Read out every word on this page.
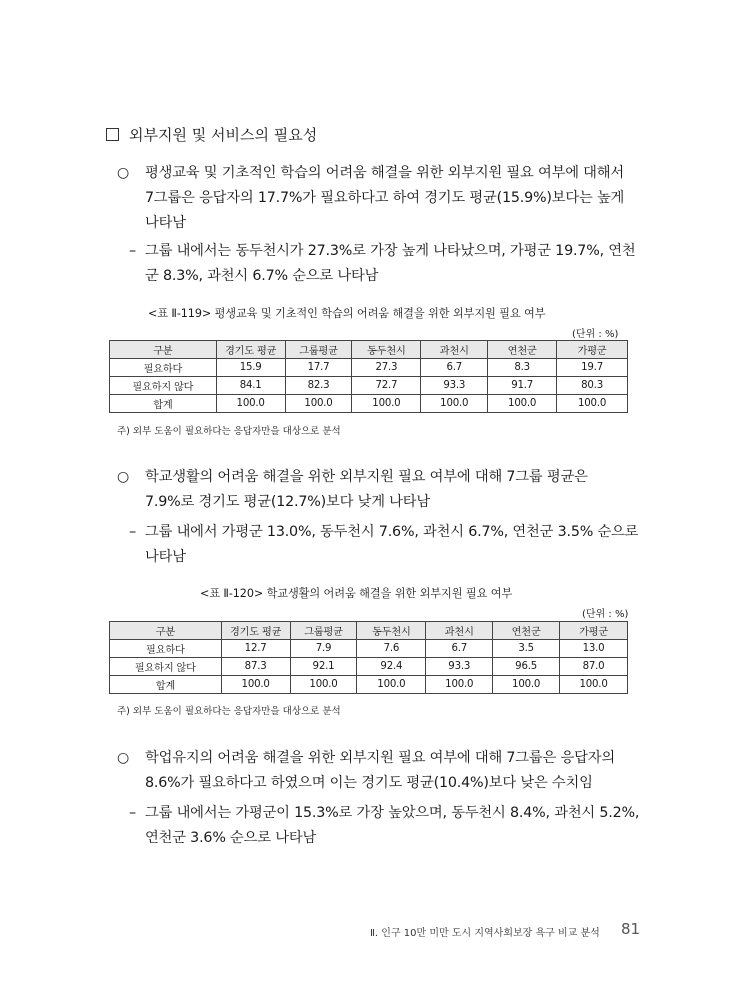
외부지원 및 서비스의 필요성
○ 평생교육 및 기초적인 학습의 어려움 해결을 위한 외부지원 필요 여부에 대해서 7그룹은 응답자의 17.7%가 필요하다고 하여 경기도 평균(15.9%)보다는 높게 나타남
– 그룹 내에서는 동두천시가 27.3%로 가장 높게 나타났으며, 가평군 19.7%, 연천군 8.3%, 과천시 6.7% 순으로 나타남
<표 Ⅱ-119> 평생교육 및 기초적인 학습의 어려움 해결을 위한 외부지원 필요 여부
(단위 : %)
구분	경기도 평균	그룹평균	동두천시	과천시	연천군	가평군
필요하다	15.9	17.7	27.3	6.7	8.3	19.7
필요하지 않다	84.1	82.3	72.7	93.3	91.7	80.3
합계	100.0	100.0	100.0	100.0	100.0	100.0
주) 외부 도움이 필요하다는 응답자만을 대상으로 분석
○ 학교생활의 어려움 해결을 위한 외부지원 필요 여부에 대해 7그룹 평균은 7.9%로 경기도 평균(12.7%)보다 낮게 나타남
– 그룹 내에서 가평군 13.0%, 동두천시 7.6%, 과천시 6.7%, 연천군 3.5% 순으로 나타남
<표 Ⅱ-120> 학교생활의 어려움 해결을 위한 외부지원 필요 여부
(단위 : %)
구분	경기도 평균	그룹평균	동두천시	과천시	연천군	가평군
필요하다	12.7	7.9	7.6	6.7	3.5	13.0
필요하지 않다	87.3	92.1	92.4	93.3	96.5	87.0
합계	100.0	100.0	100.0	100.0	100.0	100.0
주) 외부 도움이 필요하다는 응답자만을 대상으로 분석
○ 학업유지의 어려움 해결을 위한 외부지원 필요 여부에 대해 7그룹은 응답자의 8.6%가 필요하다고 하였으며 이는 경기도 평균(10.4%)보다 낮은 수치임
– 그룹 내에서는 가평군이 15.3%로 가장 높았으며, 동두천시 8.4%, 과천시 5.2%, 연천군 3.6% 순으로 나타남
Ⅱ. 인구 10만 미만 도시 지역사회보장 욕구 비교 분석 81
